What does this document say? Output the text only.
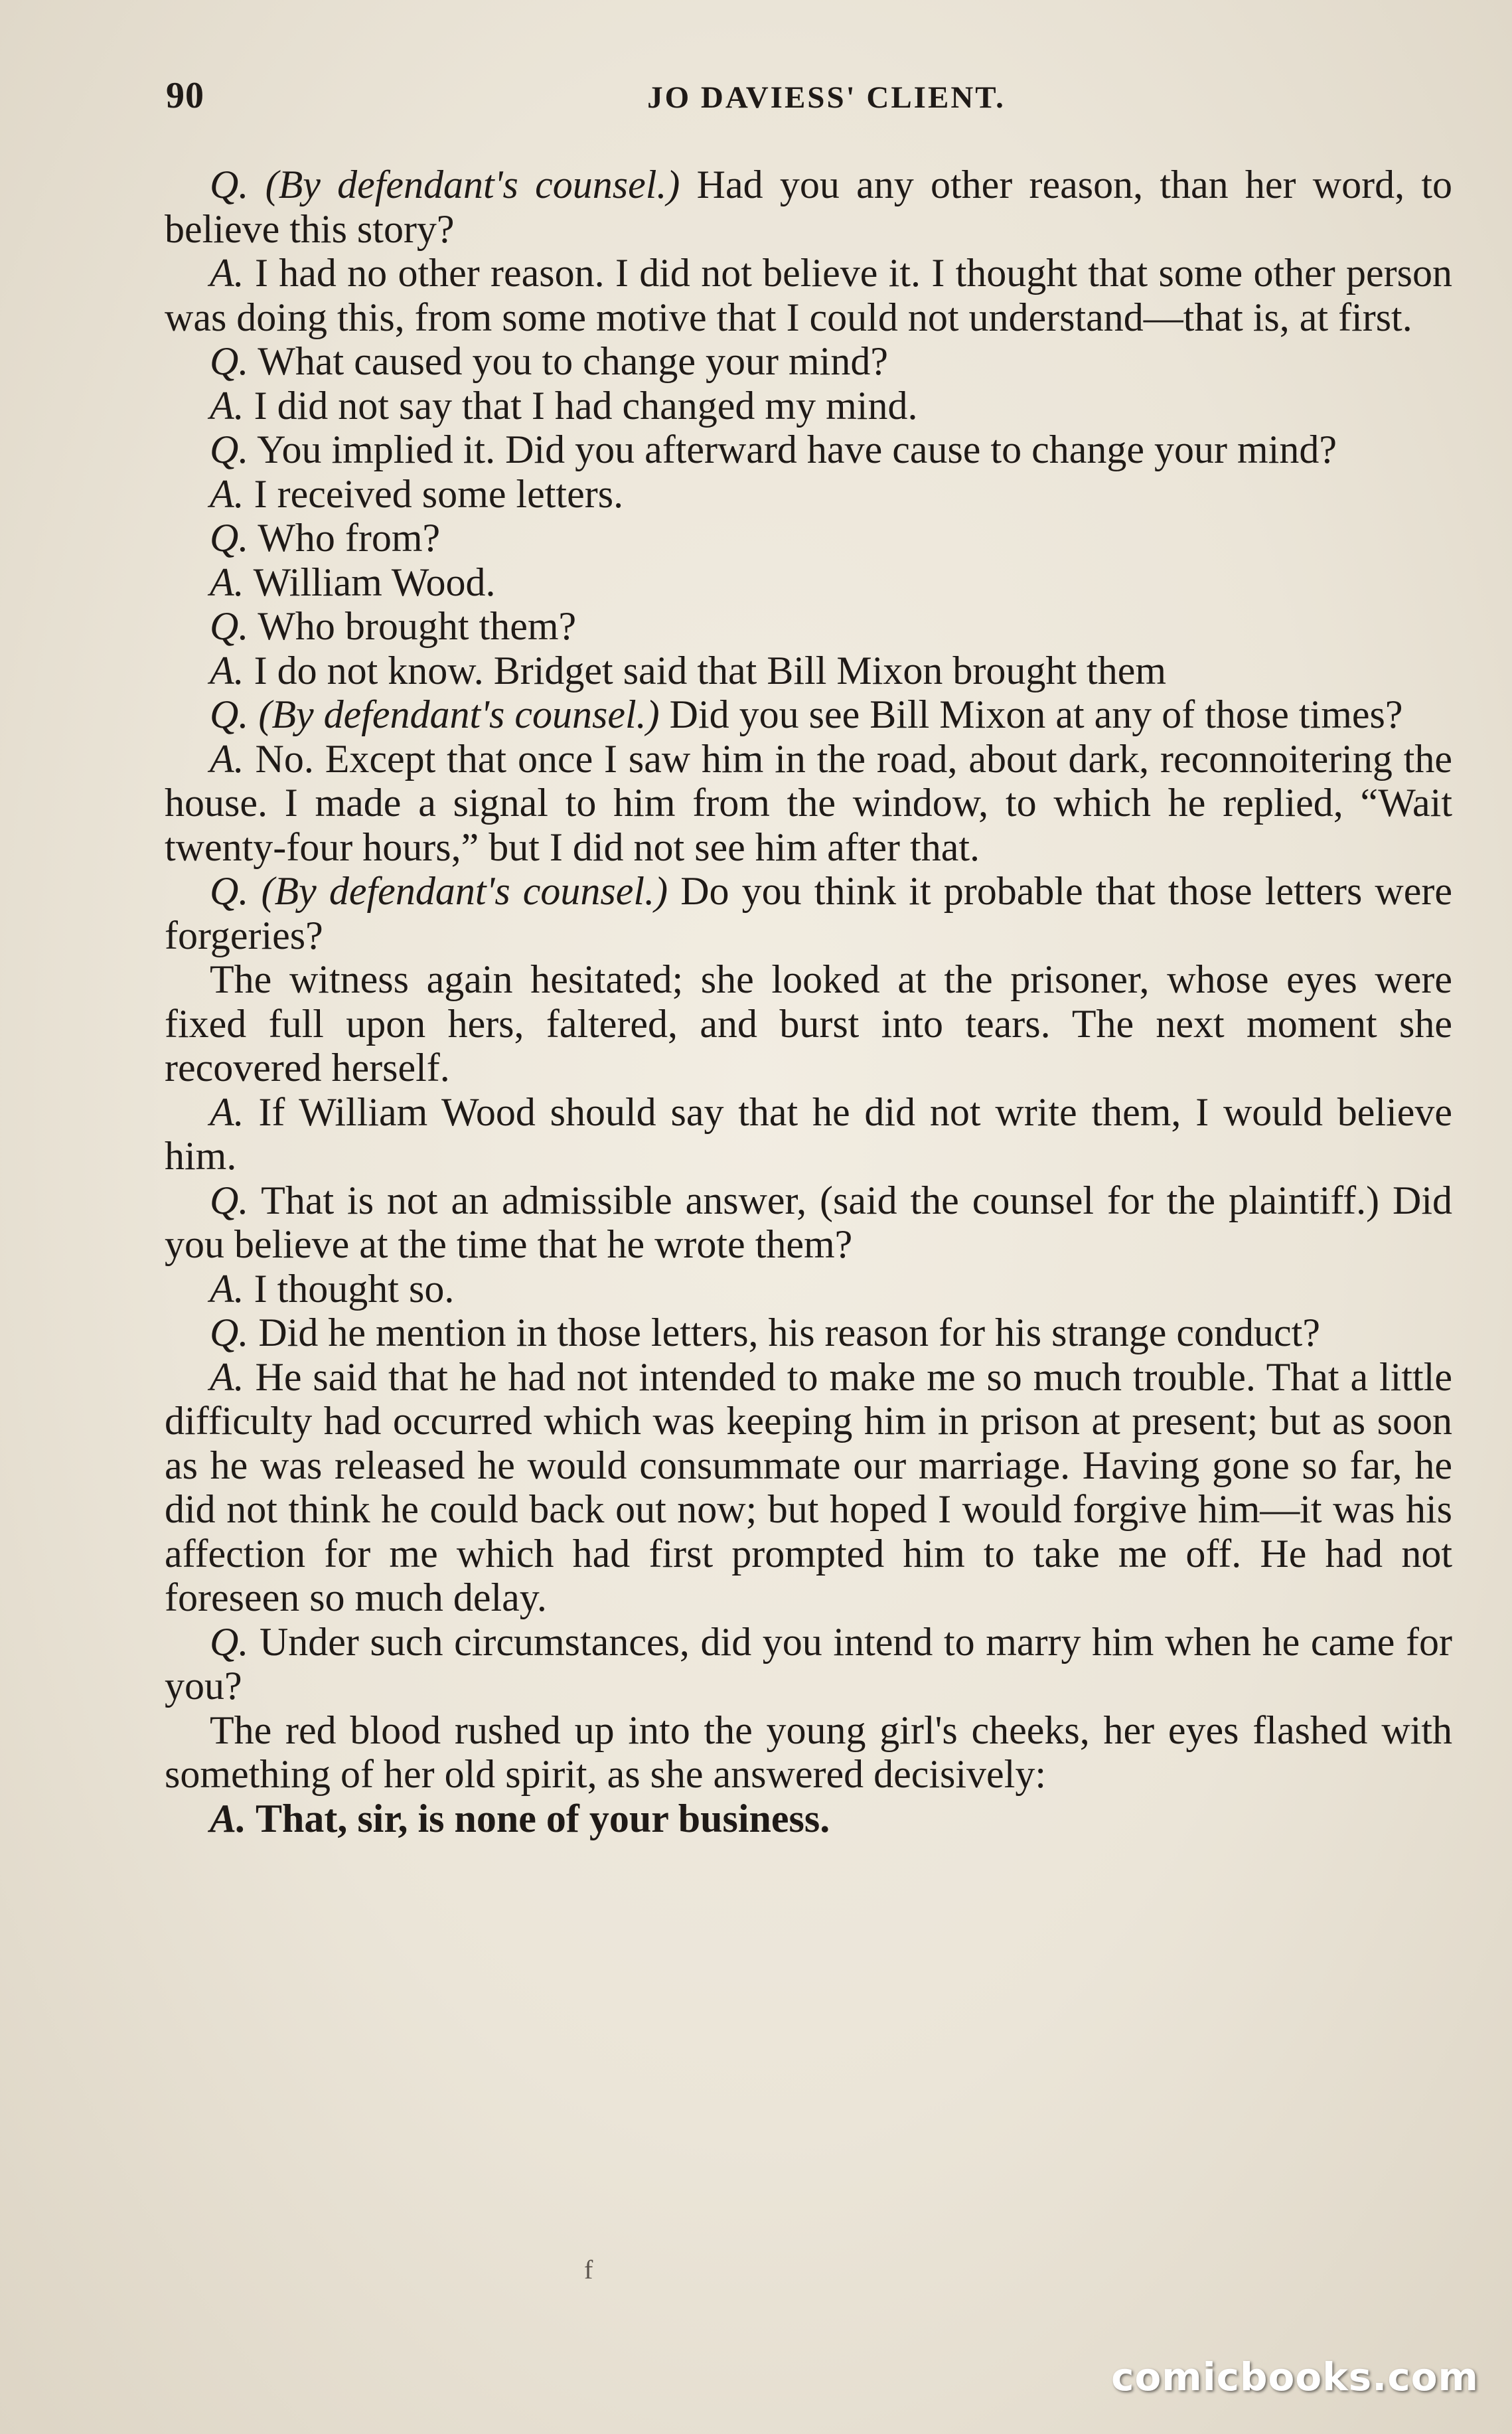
90	JO DAVIESS' CLIENT.

Q. (By defendant's counsel.) Had you any other reason, than her word, to believe this story?

A. I had no other reason. I did not believe it. I thought that some other person was doing this, from some motive that I could not understand—that is, at first.

Q. What caused you to change your mind?

A. I did not say that I had changed my mind.

Q. You implied it. Did you afterward have cause to change your mind?

A. I received some letters.

Q. Who from?

A. William Wood.

Q. Who brought them?

A. I do not know. Bridget said that Bill Mixon brought them

Q. (By defendant's counsel.) Did you see Bill Mixon at any of those times?

A. No. Except that once I saw him in the road, about dark, reconnoitering the house. I made a signal to him from the window, to which he replied, “Wait twenty-four hours,” but I did not see him after that.

Q. (By defendant's counsel.) Do you think it probable that those letters were forgeries?

The witness again hesitated; she looked at the prisoner, whose eyes were fixed full upon hers, faltered, and burst into tears. The next moment she recovered herself.

A. If William Wood should say that he did not write them, I would believe him.

Q. That is not an admissible answer, (said the counsel for the plaintiff.) Did you believe at the time that he wrote them?

A. I thought so.

Q. Did he mention in those letters, his reason for his strange conduct?

A. He said that he had not intended to make me so much trouble. That a little difficulty had occurred which was keeping him in prison at present; but as soon as he was released he would consummate our marriage. Having gone so far, he did not think he could back out now; but hoped I would forgive him—it was his affection for me which had first prompted him to take me off. He had not foreseen so much delay.

Q. Under such circumstances, did you intend to marry him when he came for you?

The red blood rushed up into the young girl's cheeks, her eyes flashed with something of her old spirit, as she answered decisively:

A. That, sir, is none of your business.

f
comicbooks.com
